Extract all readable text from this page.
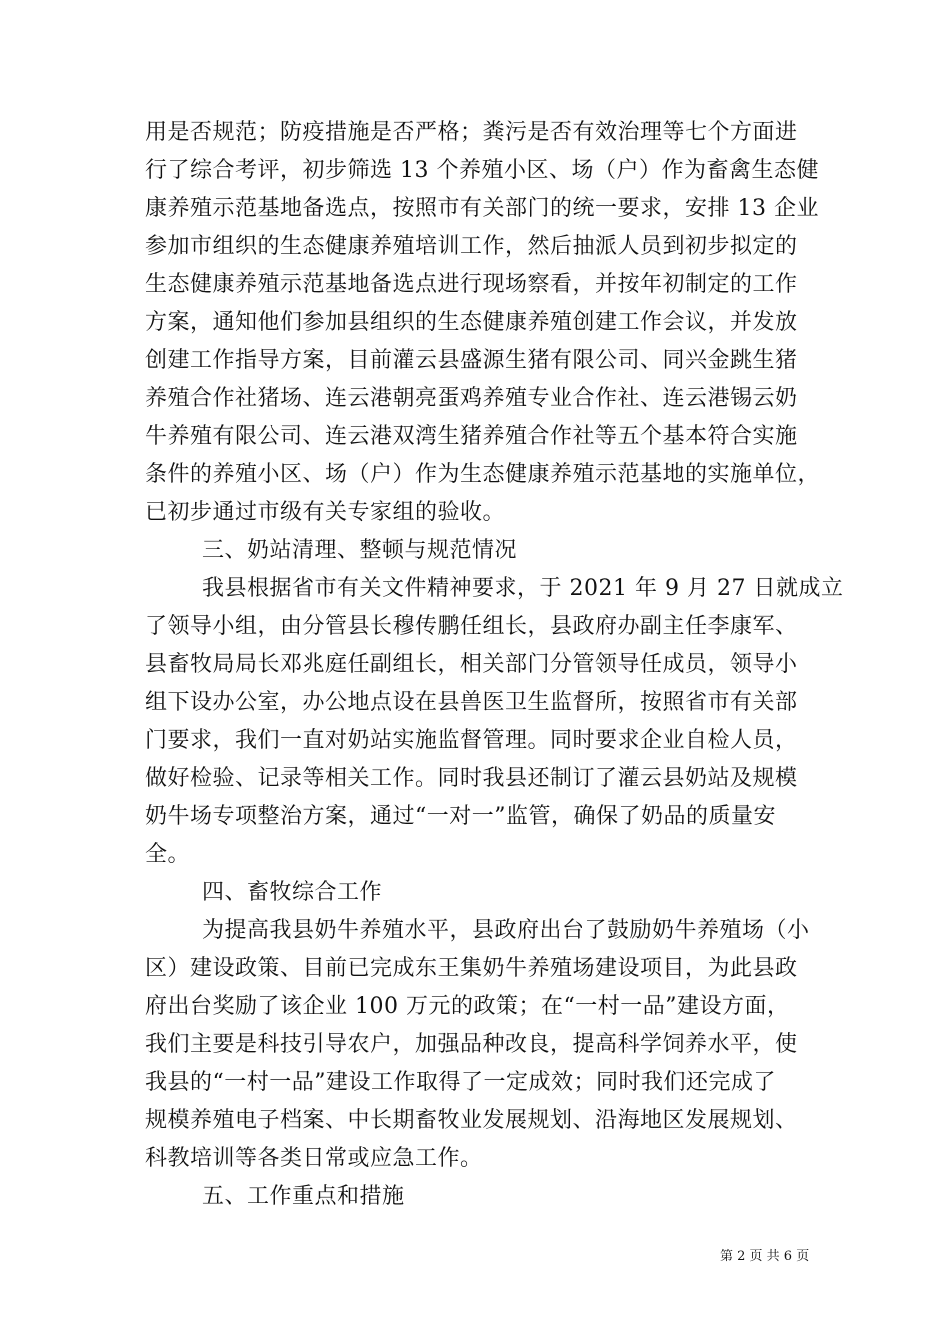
用是否规范；防疫措施是否严格；粪污是否有效治理等七个方面进
行了综合考评，初步筛选 13 个养殖小区、场（户）作为畜禽生态健
康养殖示范基地备选点，按照市有关部门的统一要求，安排 13 企业
参加市组织的生态健康养殖培训工作，然后抽派人员到初步拟定的
生态健康养殖示范基地备选点进行现场察看，并按年初制定的工作
方案，通知他们参加县组织的生态健康养殖创建工作会议，并发放
创建工作指导方案，目前灌云县盛源生猪有限公司、同兴金跳生猪
养殖合作社猪场、连云港朝亮蛋鸡养殖专业合作社、连云港锡云奶
牛养殖有限公司、连云港双湾生猪养殖合作社等五个基本符合实施
条件的养殖小区、场（户）作为生态健康养殖示范基地的实施单位，
已初步通过市级有关专家组的验收。
三、奶站清理、整顿与规范情况
我县根据省市有关文件精神要求，于 2021 年 9 月 27 日就成立
了领导小组，由分管县长穆传鹏任组长，县政府办副主任李康军、
县畜牧局局长邓兆庭任副组长，相关部门分管领导任成员，领导小
组下设办公室，办公地点设在县兽医卫生监督所，按照省市有关部
门要求，我们一直对奶站实施监督管理。同时要求企业自检人员，
做好检验、记录等相关工作。同时我县还制订了灌云县奶站及规模
奶牛场专项整治方案，通过“一对一”监管，确保了奶品的质量安
全。
四、畜牧综合工作
为提高我县奶牛养殖水平，县政府出台了鼓励奶牛养殖场（小
区）建设政策、目前已完成东王集奶牛养殖场建设项目，为此县政
府出台奖励了该企业 100 万元的政策；在“一村一品”建设方面，
我们主要是科技引导农户，加强品种改良，提高科学饲养水平，使
我县的“一村一品”建设工作取得了一定成效；同时我们还完成了
规模养殖电子档案、中长期畜牧业发展规划、沿海地区发展规划、
科教培训等各类日常或应急工作。
五、工作重点和措施
第 2 页 共 6 页
